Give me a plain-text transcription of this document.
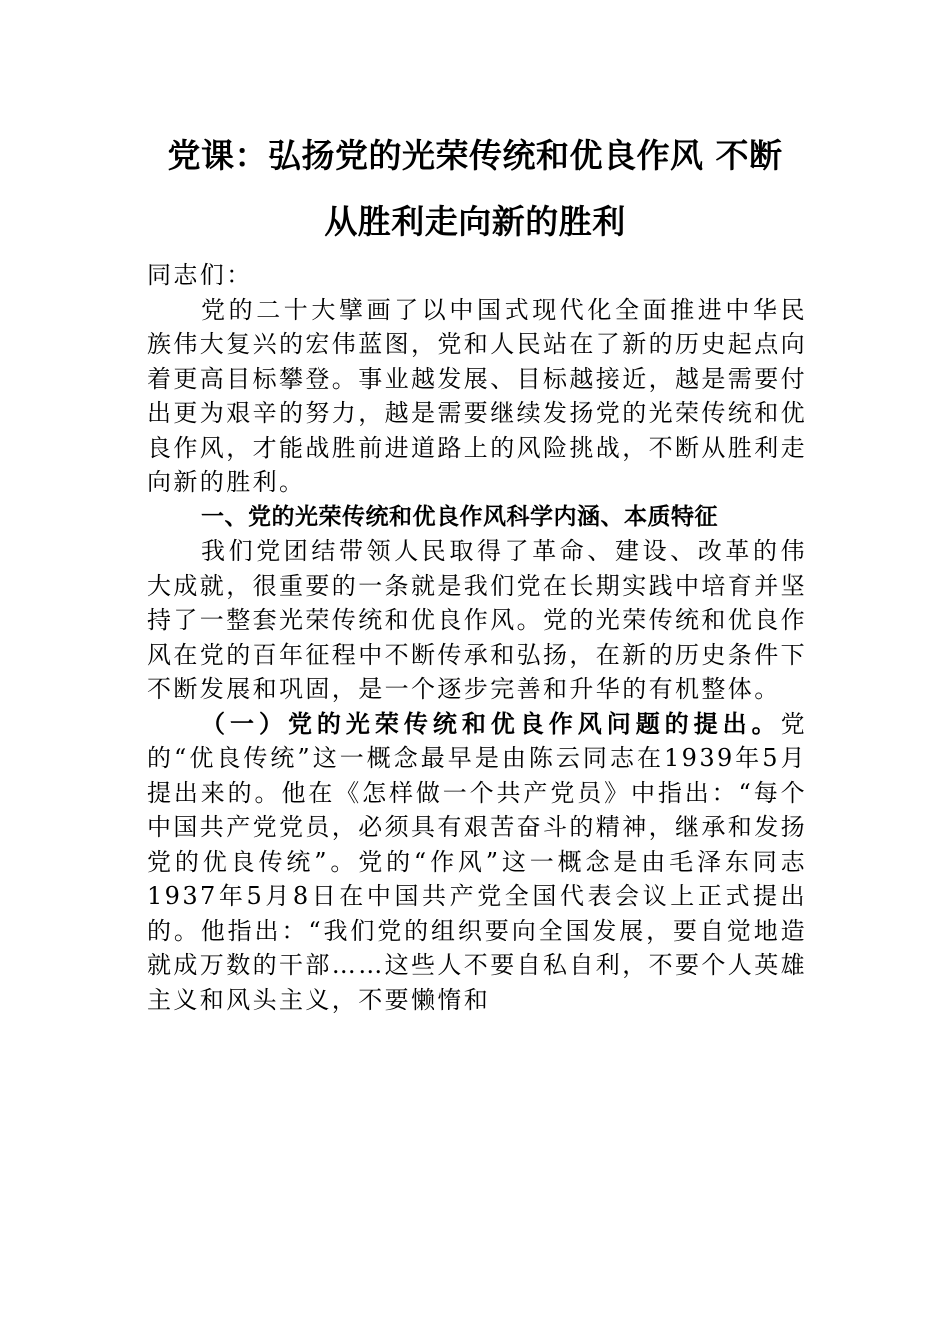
党课：弘扬党的光荣传统和优良作风 不断
从胜利走向新的胜利

同志们：

党的二十大擘画了以中国式现代化全面推进中华民族伟大复兴的宏伟蓝图，党和人民站在了新的历史起点向着更高目标攀登。事业越发展、目标越接近，越是需要付出更为艰辛的努力，越是需要继续发扬党的光荣传统和优良作风，才能战胜前进道路上的风险挑战，不断从胜利走向新的胜利。

一、党的光荣传统和优良作风科学内涵、本质特征

我们党团结带领人民取得了革命、建设、改革的伟大成就，很重要的一条就是我们党在长期实践中培育并坚持了一整套光荣传统和优良作风。党的光荣传统和优良作风在党的百年征程中不断传承和弘扬，在新的历史条件下不断发展和巩固，是一个逐步完善和升华的有机整体。

（一）党的光荣传统和优良作风问题的提出。党的“优良传统”这一概念最早是由陈云同志在1939年5月提出来的。他在《怎样做一个共产党员》中指出：“每个中国共产党党员，必须具有艰苦奋斗的精神，继承和发扬党的优良传统”。党的“作风”这一概念是由毛泽东同志1937年5月8日在中国共产党全国代表会议上正式提出的。他指出：“我们党的组织要向全国发展，要自觉地造就成万数的干部……这些人不要自私自利，不要个人英雄主义和风头主义，不要懒惰和
